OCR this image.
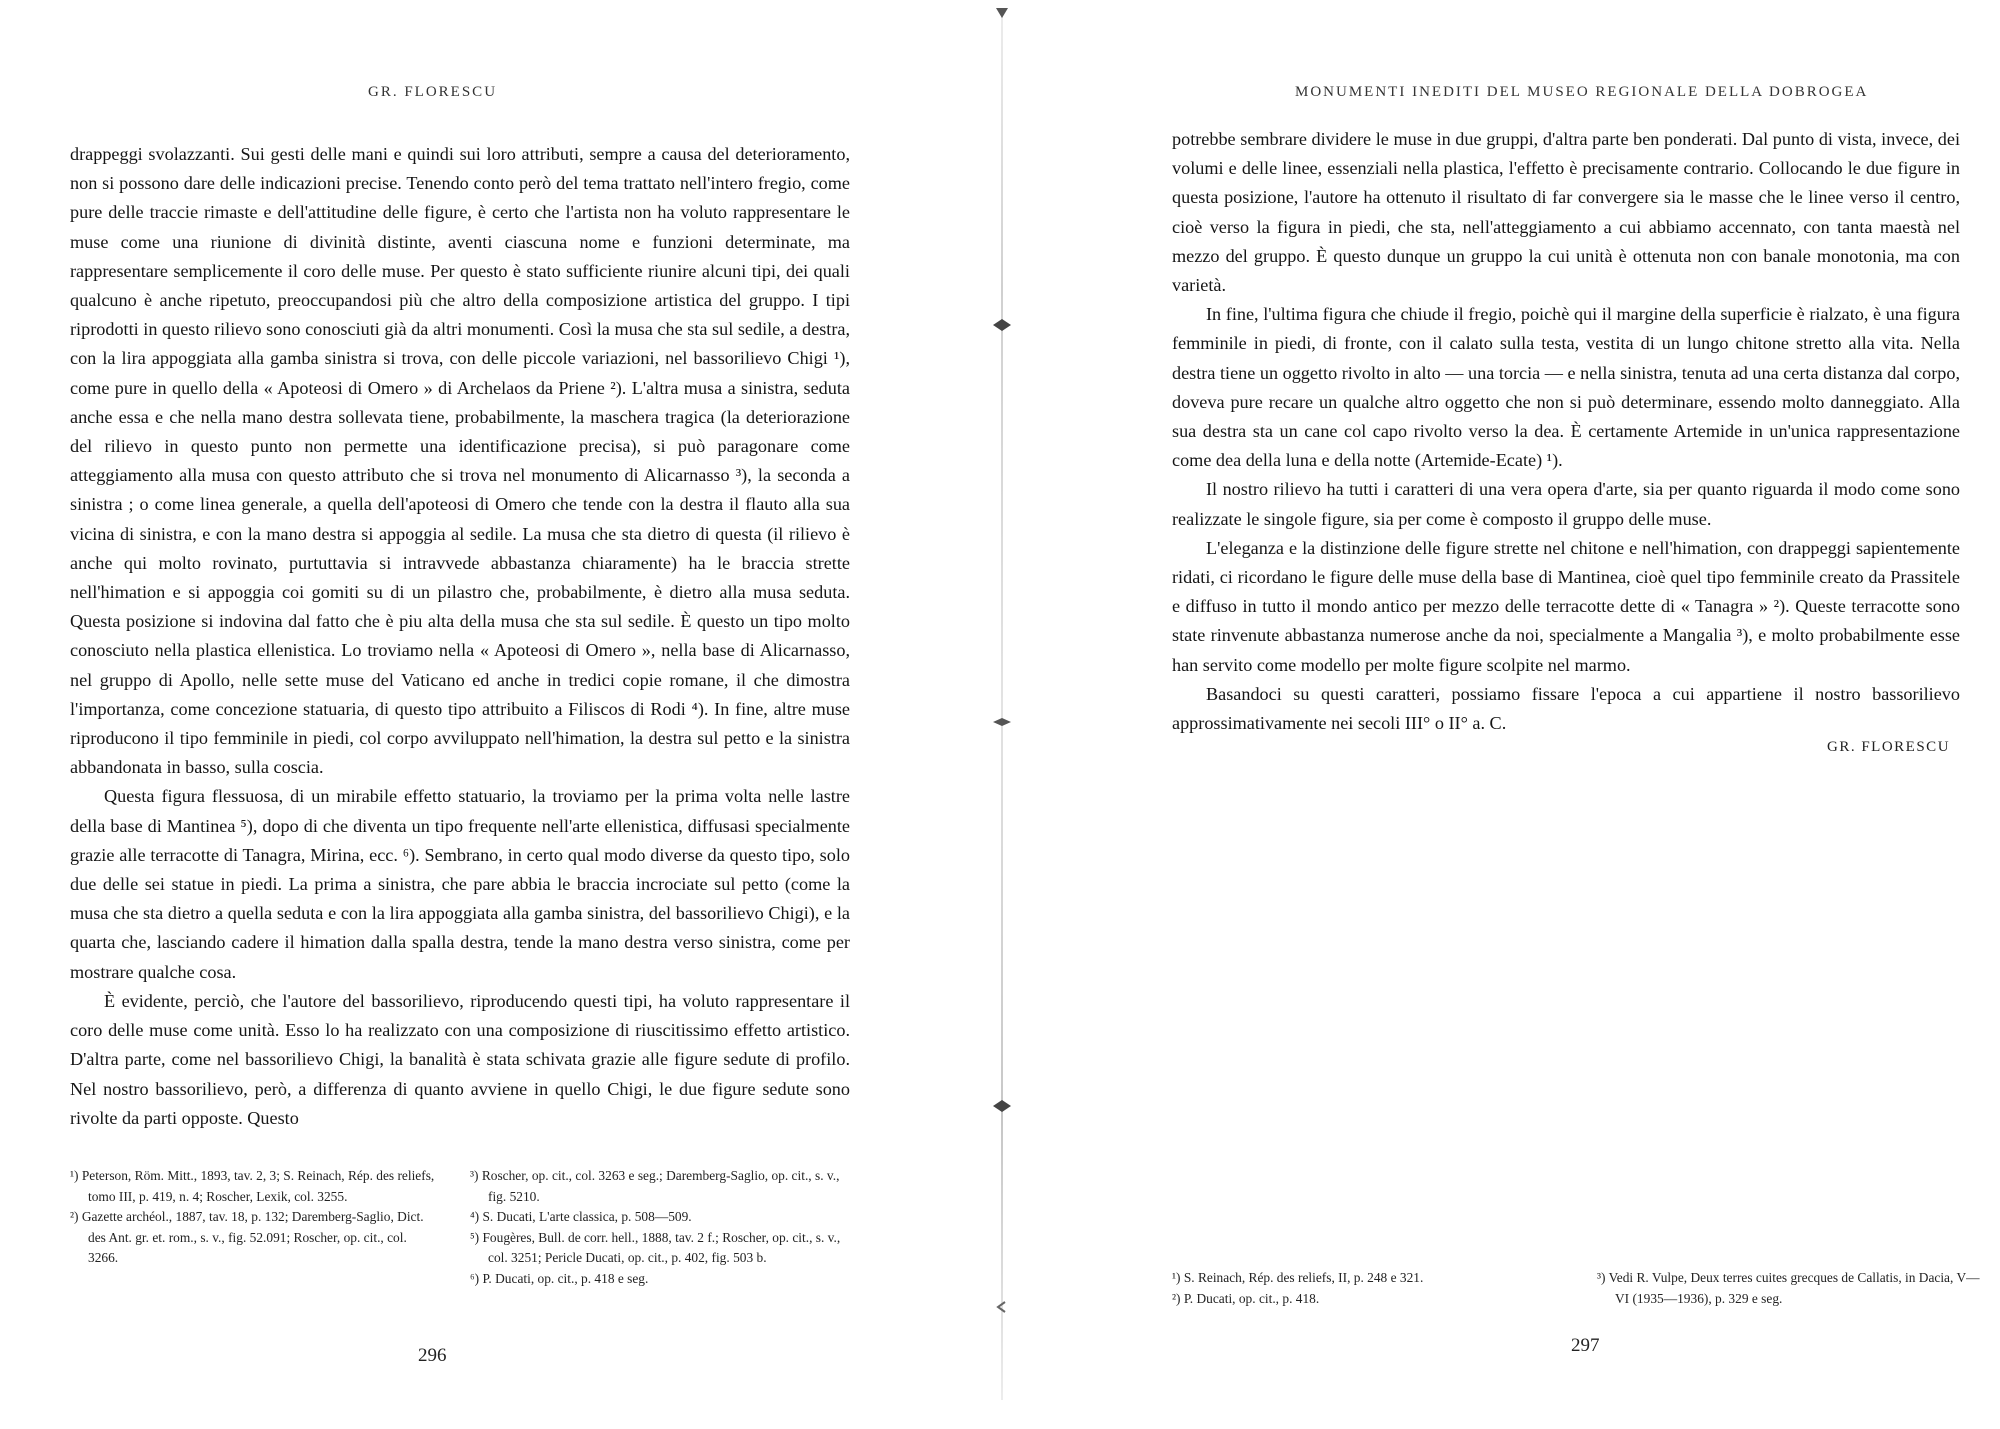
GR. FLORESCU

drappeggi svolazzanti. Sui gesti delle mani e quindi sui loro attributi, sempre a causa del deterioramento, non si possono dare delle indicazioni precise. Tenendo conto però del tema trattato nell'intero fregio, come pure delle traccie rimaste e dell'attitudine delle figure, è certo che l'artista non ha voluto rappresentare le muse come una riunione di divinità distinte, aventi ciascuna nome e funzioni determinate, ma rappresentare semplicemente il coro delle muse. Per questo è stato sufficiente riunire alcuni tipi, dei quali qualcuno è anche ripetuto, preoccupandosi più che altro della composizione artistica del gruppo. I tipi riprodotti in questo rilievo sono conosciuti già da altri monumenti. Così la musa che sta sul sedile, a destra, con la lira appoggiata alla gamba sinistra si trova, con delle piccole variazioni, nel bassorilievo Chigi ¹), come pure in quello della « Apoteosi di Omero » di Archelaos da Priene ²). L'altra musa a sinistra, seduta anche essa e che nella mano destra sollevata tiene, probabilmente, la maschera tragica (la deteriorazione del rilievo in questo punto non permette una identificazione precisa), si può paragonare come atteggiamento alla musa con questo attributo che si trova nel monumento di Alicarnasso ³), la seconda a sinistra ; o come linea generale, a quella dell'apoteosi di Omero che tende con la destra il flauto alla sua vicina di sinistra, e con la mano destra si appoggia al sedile. La musa che sta dietro di questa (il rilievo è anche qui molto rovinato, purtuttavia si intravvede abbastanza chiaramente) ha le braccia strette nell'himation e si appoggia coi gomiti su di un pilastro che, probabilmente, è dietro alla musa seduta. Questa posizione si indovina dal fatto che è piu alta della musa che sta sul sedile. È questo un tipo molto conosciuto nella plastica ellenistica. Lo troviamo nella « Apoteosi di Omero », nella base di Alicarnasso, nel gruppo di Apollo, nelle sette muse del Vaticano ed anche in tredici copie romane, il che dimostra l'importanza, come concezione statuaria, di questo tipo attribuito a Filiscos di Rodi ⁴). In fine, altre muse riproducono il tipo femminile in piedi, col corpo avviluppato nell'himation, la destra sul petto e la sinistra abbandonata in basso, sulla coscia.

Questa figura flessuosa, di un mirabile effetto statuario, la troviamo per la prima volta nelle lastre della base di Mantinea ⁵), dopo di che diventa un tipo frequente nell'arte ellenistica, diffusasi specialmente grazie alle terracotte di Tanagra, Mirina, ecc. ⁶). Sembrano, in certo qual modo diverse da questo tipo, solo due delle sei statue in piedi. La prima a sinistra, che pare abbia le braccia incrociate sul petto (come la musa che sta dietro a quella seduta e con la lira appoggiata alla gamba sinistra, del bassorilievo Chigi), e la quarta che, lasciando cadere il himation dalla spalla destra, tende la mano destra verso sinistra, come per mostrare qualche cosa.

È evidente, perciò, che l'autore del bassorilievo, riproducendo questi tipi, ha voluto rappresentare il coro delle muse come unità. Esso lo ha realizzato con una composizione di riuscitissimo effetto artistico. D'altra parte, come nel bassorilievo Chigi, la banalità è stata schivata grazie alle figure sedute di profilo. Nel nostro bassorilievo, però, a differenza di quanto avviene in quello Chigi, le due figure sedute sono rivolte da parti opposte. Questo

¹) Peterson, Röm. Mitt., 1893, tav. 2, 3; S. Reinach, Rép. des reliefs, tomo III, p. 419, n. 4; Roscher, Lexik, col. 3255.

²) Gazette archéol., 1887, tav. 18, p. 132; Daremberg-Saglio, Dict. des Ant. gr. et. rom., s. v., fig. 52.091; Roscher, op. cit., col. 3266.

³) Roscher, op. cit., col. 3263 e seg.; Daremberg-Saglio, op. cit., s. v., fig. 5210.

⁴) S. Ducati, L'arte classica, p. 508—509.

⁵) Fougères, Bull. de corr. hell., 1888, tav. 2 f.; Roscher, op. cit., s. v., col. 3251; Pericle Ducati, op. cit., p. 402, fig. 503 b.

⁶) P. Ducati, op. cit., p. 418 e seg.

296
MONUMENTI INEDITI DEL MUSEO REGIONALE DELLA DOBROGEA

potrebbe sembrare dividere le muse in due gruppi, d'altra parte ben ponderati. Dal punto di vista, invece, dei volumi e delle linee, essenziali nella plastica, l'effetto è precisamente contrario. Collocando le due figure in questa posizione, l'autore ha ottenuto il risultato di far convergere sia le masse che le linee verso il centro, cioè verso la figura in piedi, che sta, nell'atteggiamento a cui abbiamo accennato, con tanta maestà nel mezzo del gruppo. È questo dunque un gruppo la cui unità è ottenuta non con banale monotonia, ma con varietà.

In fine, l'ultima figura che chiude il fregio, poichè qui il margine della superficie è rialzato, è una figura femminile in piedi, di fronte, con il calato sulla testa, vestita di un lungo chitone stretto alla vita. Nella destra tiene un oggetto rivolto in alto — una torcia — e nella sinistra, tenuta ad una certa distanza dal corpo, doveva pure recare un qualche altro oggetto che non si può determinare, essendo molto danneggiato. Alla sua destra sta un cane col capo rivolto verso la dea. È certamente Artemide in un'unica rappresentazione come dea della luna e della notte (Artemide-Ecate) ¹).

Il nostro rilievo ha tutti i caratteri di una vera opera d'arte, sia per quanto riguarda il modo come sono realizzate le singole figure, sia per come è composto il gruppo delle muse.

L'eleganza e la distinzione delle figure strette nel chitone e nell'himation, con drappeggi sapientemente ridati, ci ricordano le figure delle muse della base di Mantinea, cioè quel tipo femminile creato da Prassitele e diffuso in tutto il mondo antico per mezzo delle terracotte dette di « Tanagra » ²). Queste terracotte sono state rinvenute abbastanza numerose anche da noi, specialmente a Mangalia ³), e molto probabilmente esse han servito come modello per molte figure scolpite nel marmo.

Basandoci su questi caratteri, possiamo fissare l'epoca a cui appartiene il nostro bassorilievo approssimativamente nei secoli III° o II° a. C.

GR. FLORESCU

¹) S. Reinach, Rép. des reliefs, II, p. 248 e 321.

²) P. Ducati, op. cit., p. 418.

³) Vedi R. Vulpe, Deux terres cuites grecques de Callatis, in Dacia, V—VI (1935—1936), p. 329 e seg.

297
